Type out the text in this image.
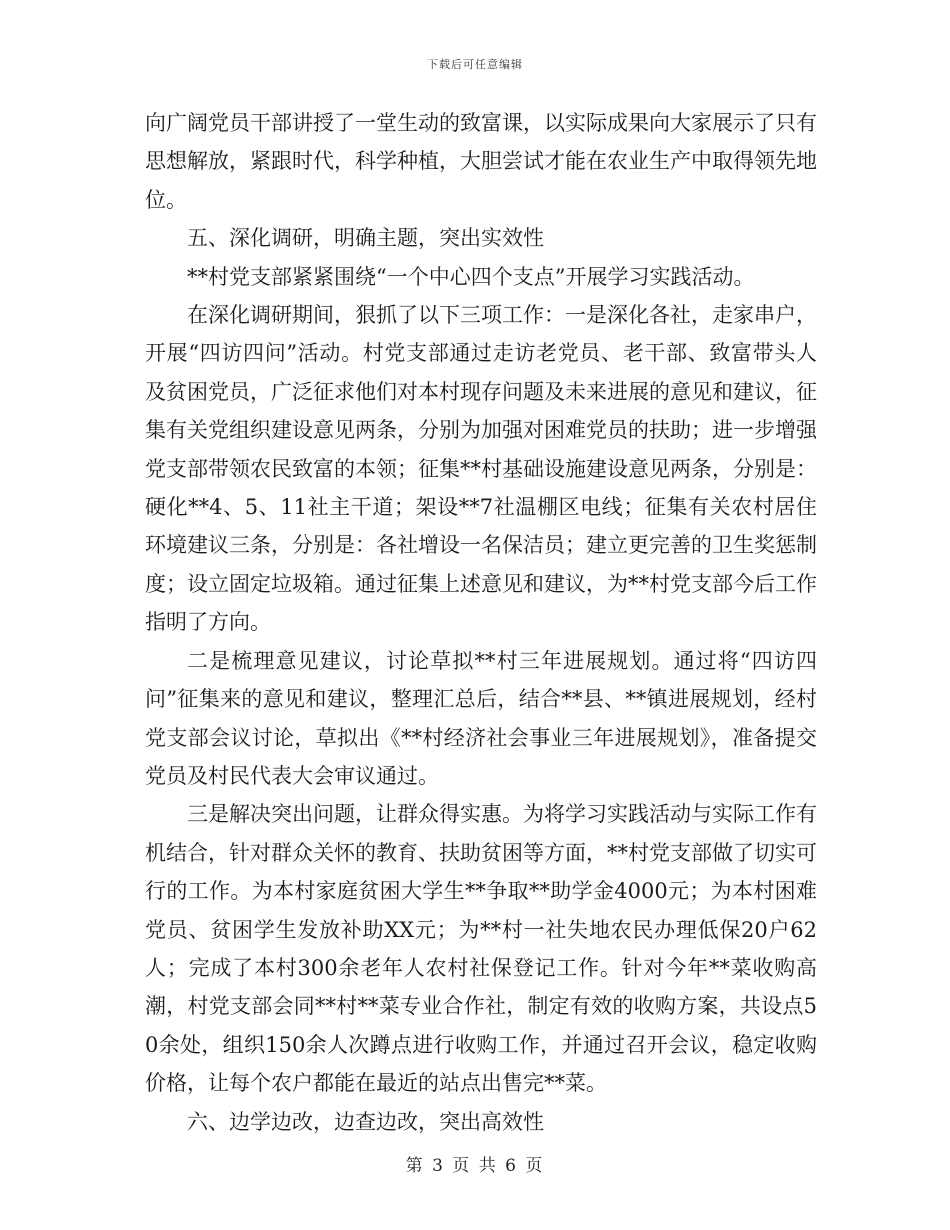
下载后可任意编辑

向广阔党员干部讲授了一堂生动的致富课，以实际成果向大家展示了只有思想解放，紧跟时代，科学种植，大胆尝试才能在农业生产中取得领先地位。

五、深化调研，明确主题，突出实效性

**村党支部紧紧围绕“一个中心四个支点”开展学习实践活动。

在深化调研期间，狠抓了以下三项工作：一是深化各社，走家串户，开展“四访四问”活动。村党支部通过走访老党员、老干部、致富带头人及贫困党员，广泛征求他们对本村现存问题及未来进展的意见和建议，征集有关党组织建设意见两条，分别为加强对困难党员的扶助；进一步增强党支部带领农民致富的本领；征集**村基础设施建设意见两条，分别是：硬化**4、5、11社主干道；架设**7社温棚区电线；征集有关农村居住环境建议三条，分别是：各社增设一名保洁员；建立更完善的卫生奖惩制度；设立固定垃圾箱。通过征集上述意见和建议，为**村党支部今后工作指明了方向。

二是梳理意见建议，讨论草拟**村三年进展规划。通过将“四访四问”征集来的意见和建议，整理汇总后，结合**县、**镇进展规划，经村党支部会议讨论，草拟出《**村经济社会事业三年进展规划》，准备提交党员及村民代表大会审议通过。

三是解决突出问题，让群众得实惠。为将学习实践活动与实际工作有机结合，针对群众关怀的教育、扶助贫困等方面，**村党支部做了切实可行的工作。为本村家庭贫困大学生**争取**助学金4000元；为本村困难党员、贫困学生发放补助XX元；为**村一社失地农民办理低保20户62人；完成了本村300余老年人农村社保登记工作。针对今年**菜收购高潮，村党支部会同**村**菜专业合作社，制定有效的收购方案，共设点50余处，组织150余人次蹲点进行收购工作，并通过召开会议，稳定收购价格，让每个农户都能在最近的站点出售完**菜。

六、边学边改，边查边改，突出高效性

第 3 页 共 6 页
